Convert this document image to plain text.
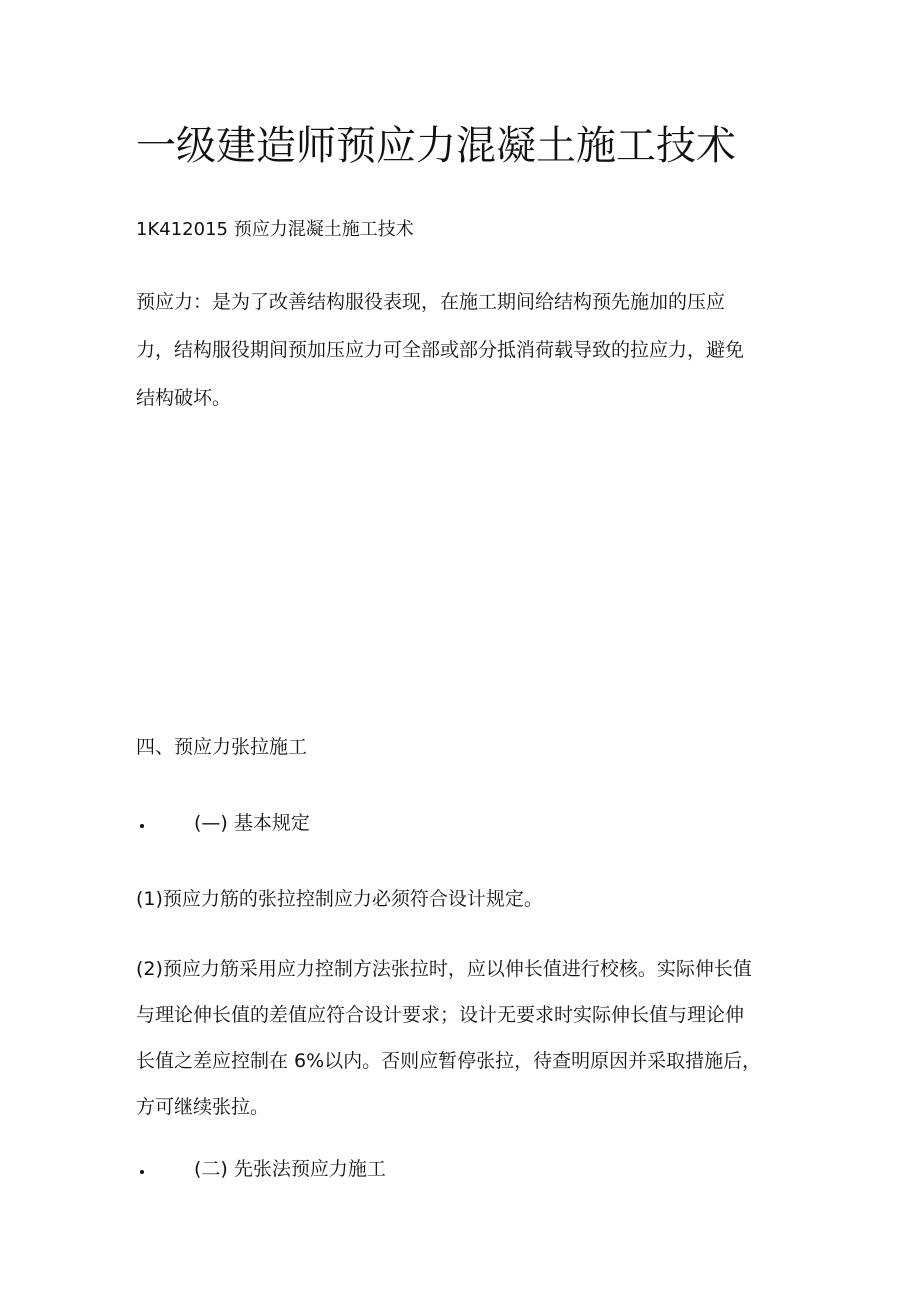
一级建造师预应力混凝土施工技术
1K412015 预应力混凝土施工技术
预应力：是为了改善结构服役表现，在施工期间给结构预先施加的压应
力，结构服役期间预加压应力可全部或部分抵消荷载导致的拉应力，避免
结构破坏。
四、预应力张拉施工
(—) 基本规定
(1)预应力筋的张拉控制应力必须符合设计规定。
(2)预应力筋采用应力控制方法张拉时，应以伸长值进行校核。实际伸长值
与理论伸长值的差值应符合设计要求；设计无要求时实际伸长值与理论伸
长值之差应控制在 6%以内。否则应暂停张拉，待查明原因并采取措施后，
方可继续张拉。
(二) 先张法预应力施工
